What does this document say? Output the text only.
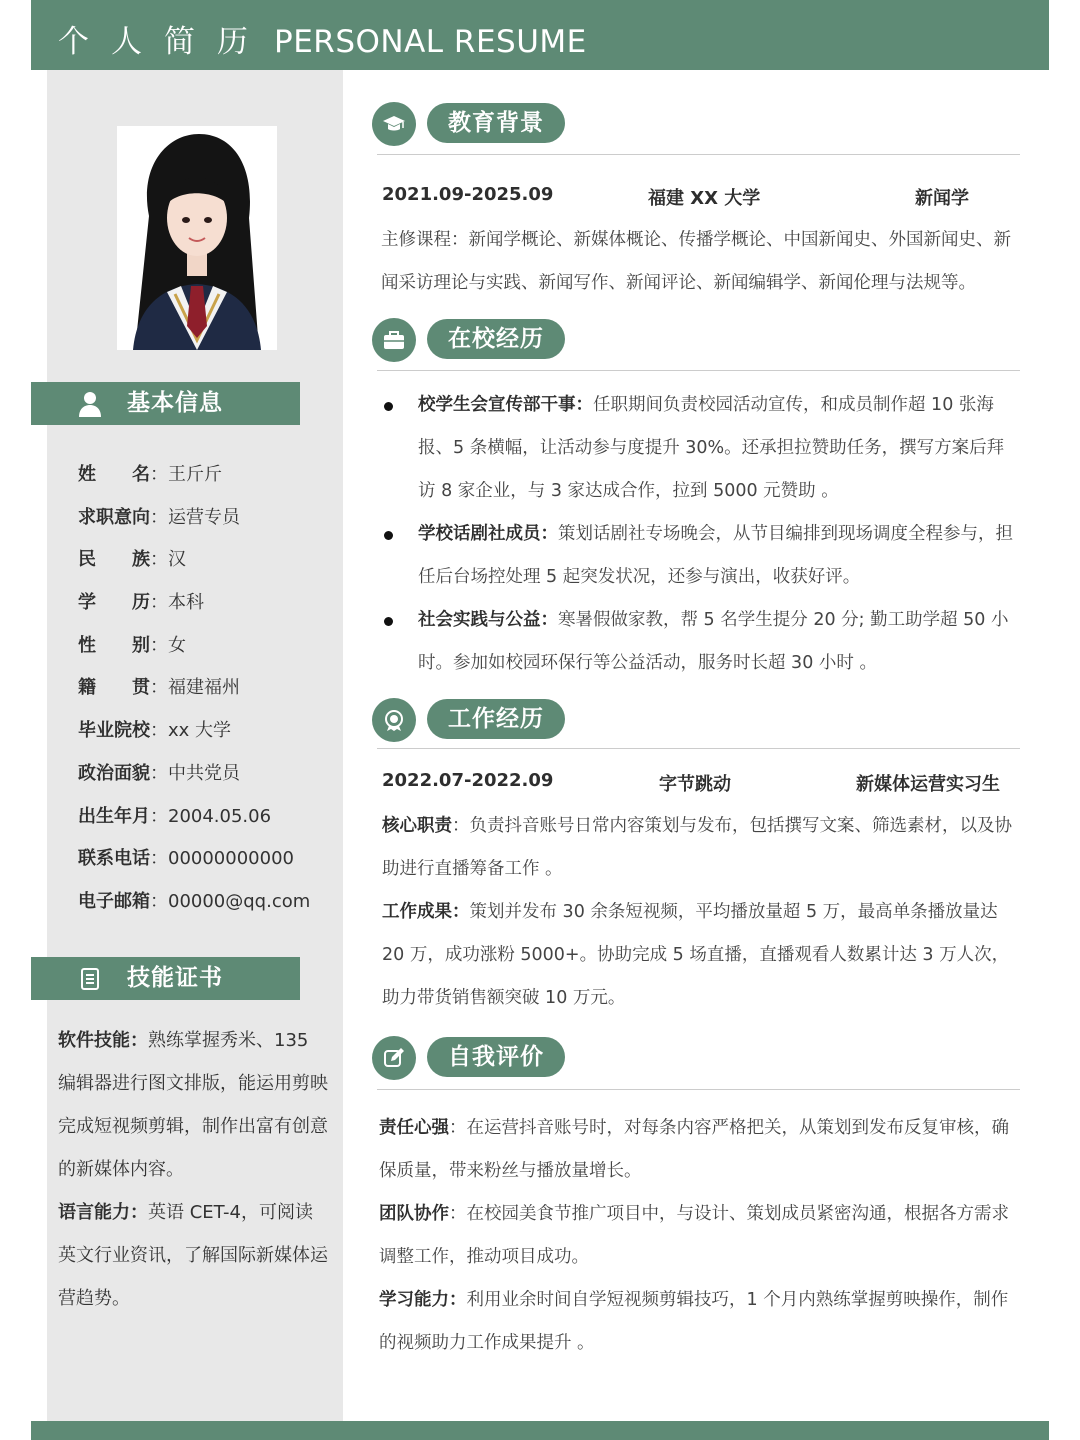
个人简历 PERSONAL RESUME
基本信息
姓　　名：王斤斤
求职意向：运营专员
民　　族：汉
学　　历：本科
性　　别：女
籍　　贯：福建福州
毕业院校：xx 大学
政治面貌：中共党员
出生年月：2004.05.06
联系电话：00000000000
电子邮箱：00000@qq.com
技能证书

软件技能：熟练掌握秀米、135 编辑器进行图文排版，能运用剪映完成短视频剪辑，制作出富有创意的新媒体内容。

语言能力：英语 CET-4，可阅读英文行业资讯，了解国际新媒体运营趋势。

教育背景
2021.09-2025.09	福建 XX 大学	新闻学

主修课程：新闻学概论、新媒体概论、传播学概论、中国新闻史、外国新闻史、新闻采访理论与实践、新闻写作、新闻评论、新闻编辑学、新闻伦理与法规等。

在校经历
校学生会宣传部干事：任职期间负责校园活动宣传，和成员制作超 10 张海报、5 条横幅，让活动参与度提升 30%。还承担拉赞助任务，撰写方案后拜访 8 家企业，与 3 家达成合作，拉到 5000 元赞助 。
学校话剧社成员：策划话剧社专场晚会，从节目编排到现场调度全程参与，担任后台场控处理 5 起突发状况，还参与演出，收获好评。
社会实践与公益：寒暑假做家教，帮 5 名学生提分 20 分; 勤工助学超 50 小时。参加如校园环保行等公益活动，服务时长超 30 小时 。
工作经历
2022.07-2022.09	字节跳动	新媒体运营实习生

核心职责：负责抖音账号日常内容策划与发布，包括撰写文案、筛选素材，以及协助进行直播筹备工作 。

工作成果：策划并发布 30 余条短视频，平均播放量超 5 万，最高单条播放量达 20 万，成功涨粉 5000+。协助完成 5 场直播，直播观看人数累计达 3 万人次，助力带货销售额突破 10 万元。

自我评价

责任心强：在运营抖音账号时，对每条内容严格把关，从策划到发布反复审核，确保质量，带来粉丝与播放量增长。

团队协作：在校园美食节推广项目中，与设计、策划成员紧密沟通，根据各方需求调整工作，推动项目成功。

学习能力：利用业余时间自学短视频剪辑技巧，1 个月内熟练掌握剪映操作，制作的视频助力工作成果提升 。
